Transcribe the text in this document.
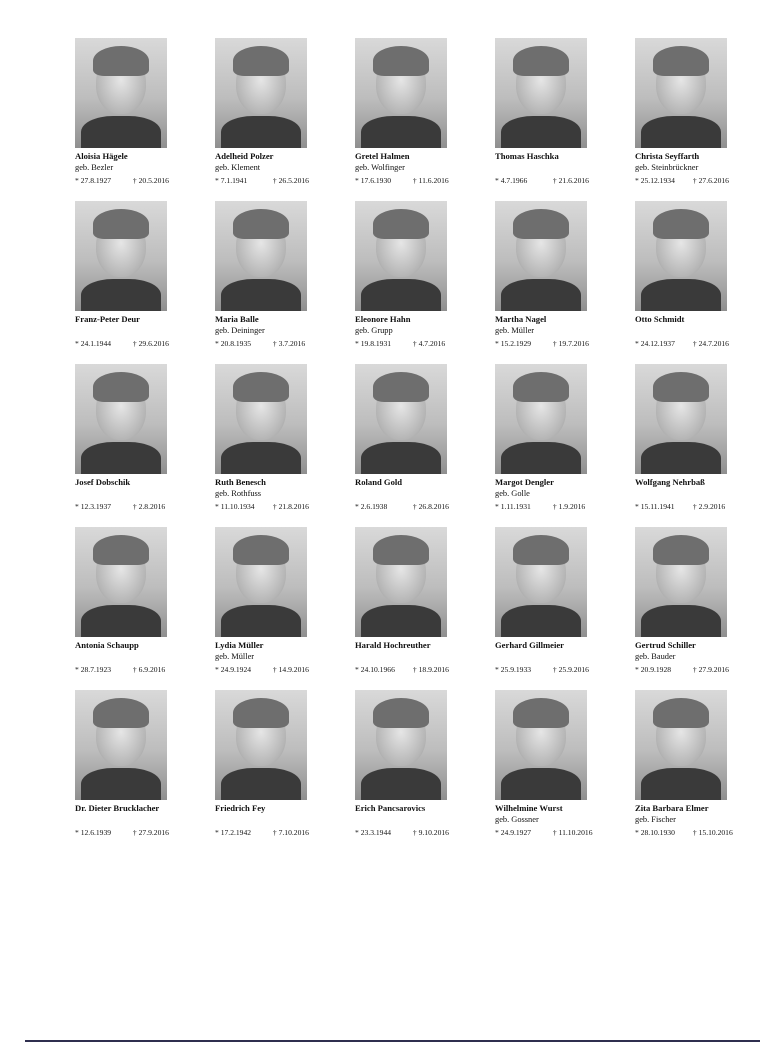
Aloisia Hägele
geb. Bezler
* 27.8.1927	† 20.5.2016
Adelheid Polzer
geb. Klement
* 7.1.1941	† 26.5.2016
Gretel Halmen
geb. Wolfinger
* 17.6.1930	† 11.6.2016
Thomas Haschka
* 4.7.1966	† 21.6.2016
Christa Seyffarth
geb. Steinbrückner
* 25.12.1934 † 27.6.2016
Franz-Peter Deur
* 24.1.1944	† 29.6.2016
Maria Balle
geb. Deininger
* 20.8.1935	† 3.7.2016
Eleonore Hahn
geb. Grupp
* 19.8.1931	† 4.7.2016
Martha Nagel
geb. Müller
* 15.2.1929	† 19.7.2016
Otto Schmidt
* 24.12.1937 † 24.7.2016
Josef Dobschik
* 12.3.1937	† 2.8.2016
Ruth Benesch
geb. Rothfuss
* 11.10.1934 † 21.8.2016
Roland Gold
* 2.6.1938	† 26.8.2016
Margot Dengler
geb. Golle
* 1.11.1931	† 1.9.2016
Wolfgang Nehrbaß
* 15.11.1941 † 2.9.2016
Antonia Schaupp
* 28.7.1923	† 6.9.2016
Lydia Müller
geb. Müller
* 24.9.1924	† 14.9.2016
Harald Hochreuther
* 24.10.1966 † 18.9.2016
Gerhard Gillmeier
* 25.9.1933	† 25.9.2016
Gertrud Schiller
geb. Bauder
* 20.9.1928	† 27.9.2016
Dr. Dieter Brucklacher
* 12.6.1939	† 27.9.2016
Friedrich Fey
* 17.2.1942	† 7.10.2016
Erich Pancsarovics
* 23.3.1944	† 9.10.2016
Wilhelmine Wurst
geb. Gossner
* 24.9.1927	† 11.10.2016
Zita Barbara Elmer
geb. Fischer
* 28.10.1930 † 15.10.2016
